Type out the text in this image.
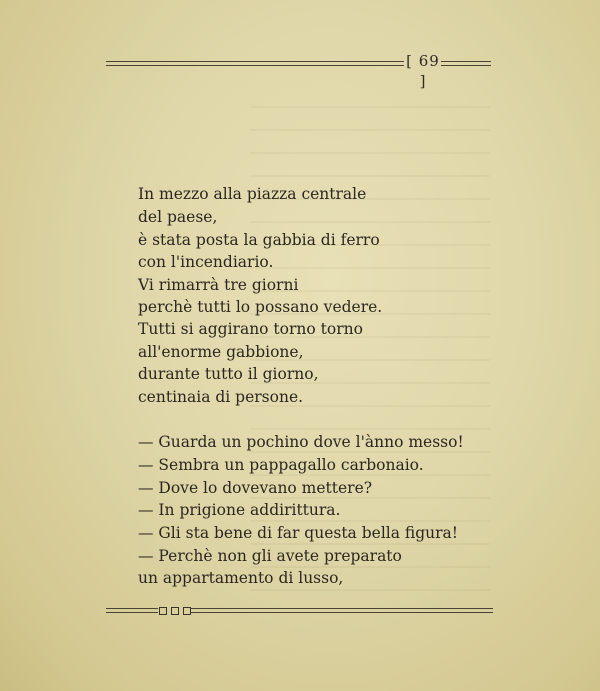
[ 69 ]
In mezzo alla piazza centrale
del paese,
è stata posta la gabbia di ferro
con l'incendiario.
Vi rimarrà tre giorni
perchè tutti lo possano vedere.
Tutti si aggirano torno torno
all'enorme gabbione,
durante tutto il giorno,
centinaia di persone.
— Guarda un pochino dove l'ànno messo!
— Sembra un pappagallo carbonaio.
— Dove lo dovevano mettere?
— In prigione addirittura.
— Gli sta bene di far questa bella figura!
— Perchè non gli avete preparato
un appartamento di lusso,
